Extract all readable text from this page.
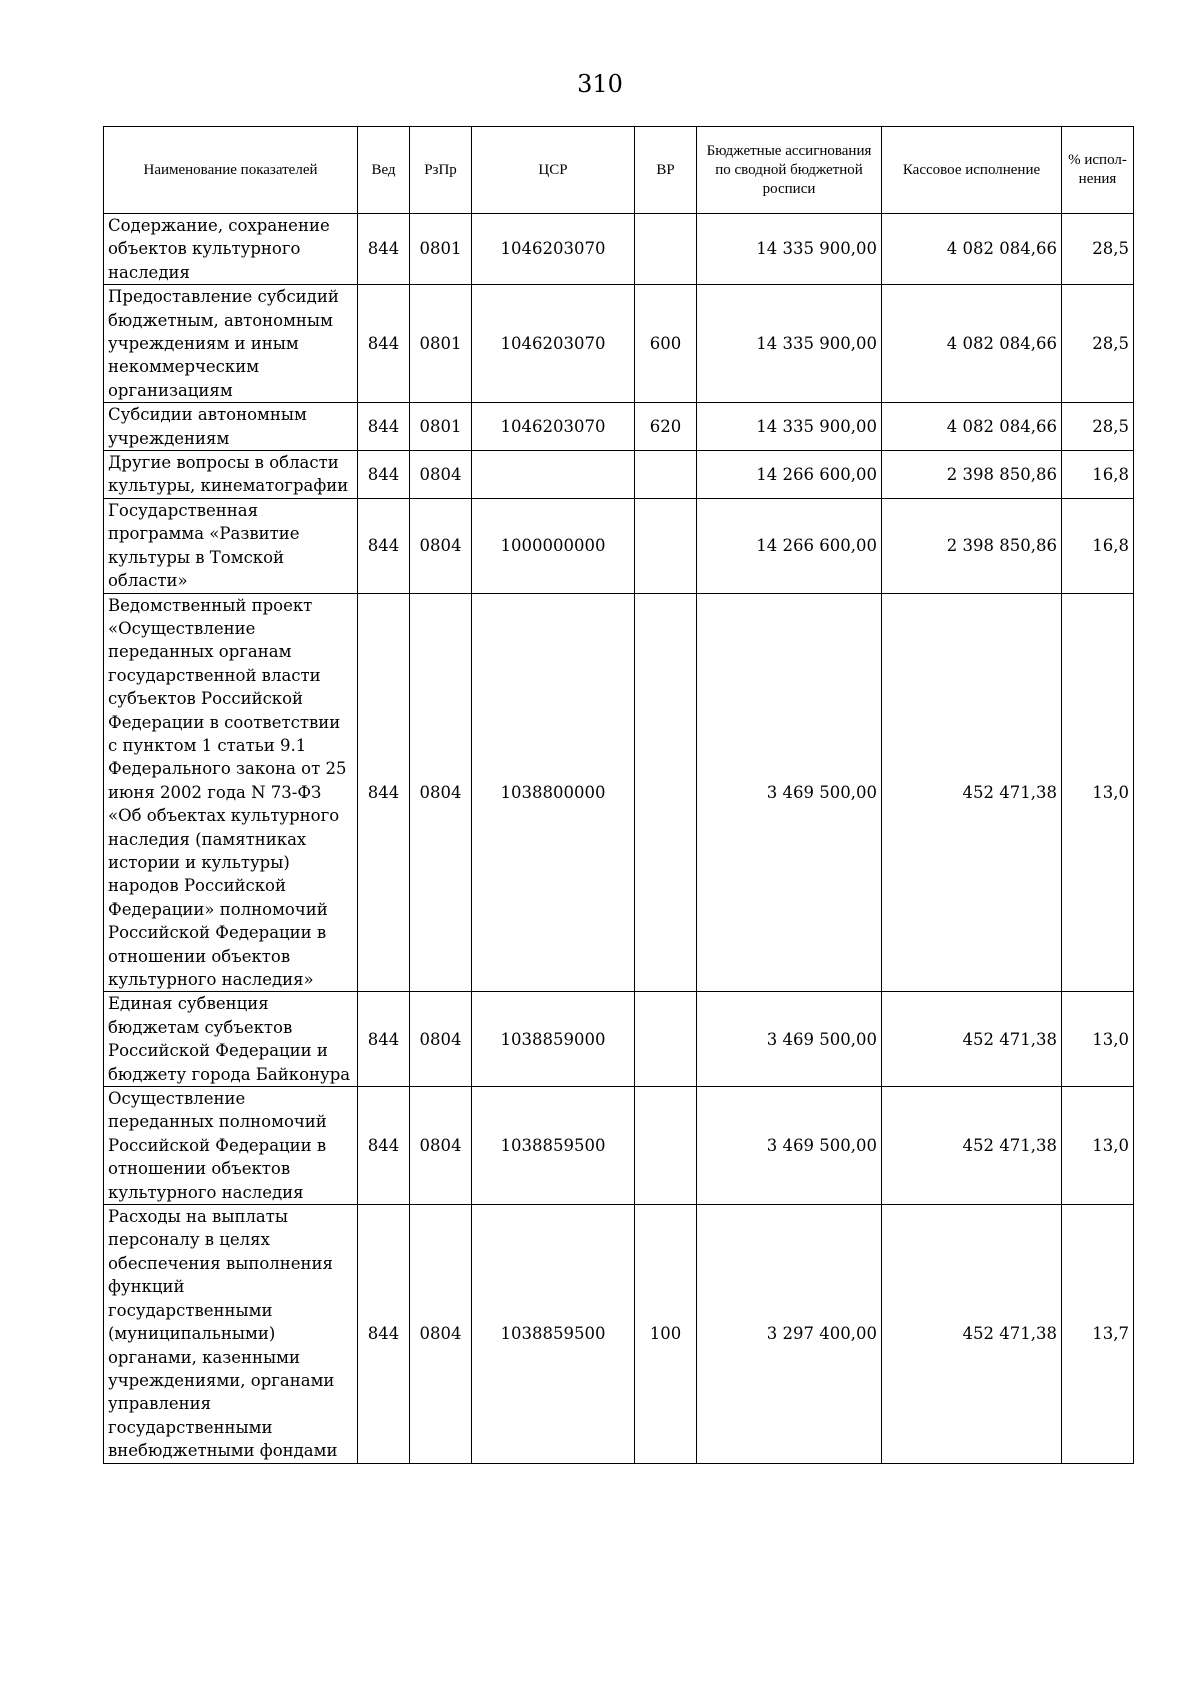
310
Наименование показателей	Вед	РзПр	ЦСР	ВР	Бюджетные ассигнования по сводной бюджетной росписи	Кассовое исполнение	% испол-нения
Содержание, сохранение объектов культурного наследия	844	0801	1046203070		14 335 900,00	4 082 084,66	28,5
Предоставление субсидий бюджетным, автономным учреждениям и иным некоммерческим организациям	844	0801	1046203070	600	14 335 900,00	4 082 084,66	28,5
Субсидии автономным учреждениям	844	0801	1046203070	620	14 335 900,00	4 082 084,66	28,5
Другие вопросы в области культуры, кинематографии	844	0804			14 266 600,00	2 398 850,86	16,8
Государственная программа «Развитие культуры в Томской области»	844	0804	1000000000		14 266 600,00	2 398 850,86	16,8
Ведомственный проект «Осуществление переданных органам государственной власти субъектов Российской Федерации в соответствии с пунктом 1 статьи 9.1 Федерального закона от 25 июня 2002 года N 73-ФЗ «Об объектах культурного наследия (памятниках истории и культуры) народов Российской Федерации» полномочий Российской Федерации в отношении объектов культурного наследия»	844	0804	1038800000		3 469 500,00	452 471,38	13,0
Единая субвенция бюджетам субъектов Российской Федерации и бюджету города Байконура	844	0804	1038859000		3 469 500,00	452 471,38	13,0
Осуществление переданных полномочий Российской Федерации в отношении объектов культурного наследия	844	0804	1038859500		3 469 500,00	452 471,38	13,0
Расходы на выплаты персоналу в целях обеспечения выполнения функций государственными (муниципальными) органами, казенными учреждениями, органами управления государственными внебюджетными фондами	844	0804	1038859500	100	3 297 400,00	452 471,38	13,7
